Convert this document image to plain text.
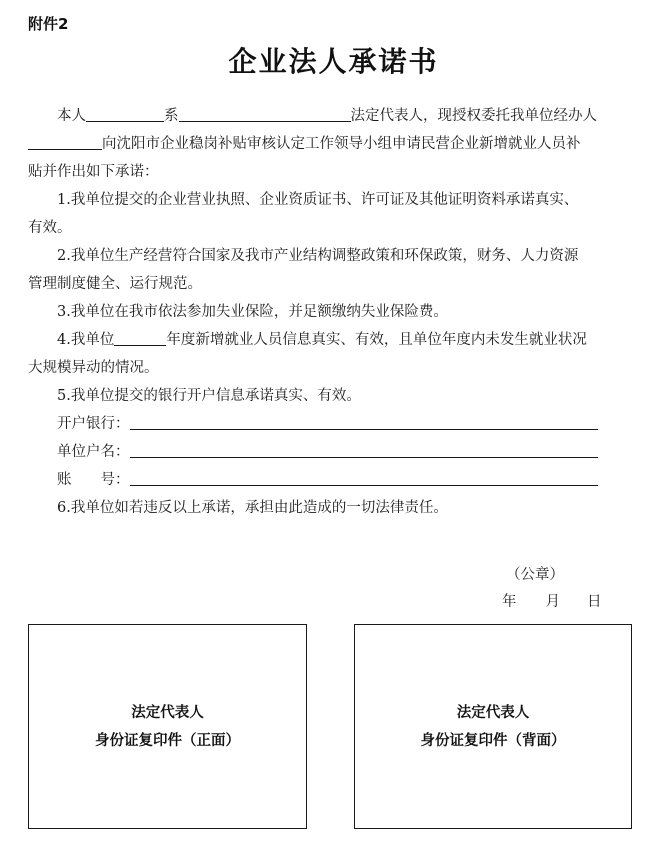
附件2
企业法人承诺书
本人	系	法定代表人，现授权委托我单位经办人
向沈阳市企业稳岗补贴审核认定工作领导小组申请民营企业新增就业人员补
贴并作出如下承诺：
1.我单位提交的企业营业执照、企业资质证书、许可证及其他证明资料承诺真实、
有效。
2.我单位生产经营符合国家及我市产业结构调整政策和环保政策，财务、人力资源
管理制度健全、运行规范。
3.我单位在我市依法参加失业保险，并足额缴纳失业保险费。
4.我单位	年度新增就业人员信息真实、有效，且单位年度内未发生就业状况
大规模异动的情况。
5.我单位提交的银行开户信息承诺真实、有效。
开户银行：
单位户名：
账 号：
6.我单位如若违反以上承诺，承担由此造成的一切法律责任。
（公章）
年 月 日
法定代表人
身份证复印件（正面）
法定代表人
身份证复印件（背面）
